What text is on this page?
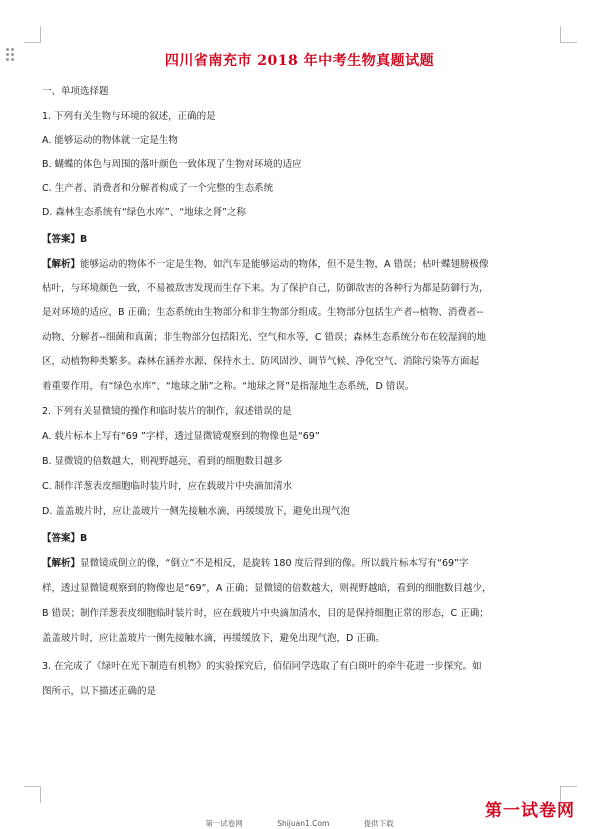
四川省南充市 2018 年中考生物真题试题
一、单项选择题
1. 下列有关生物与环境的叙述，正确的是
A. 能够运动的物体就一定是生物
B. 蝴蝶的体色与周围的落叶颜色一致体现了生物对环境的适应
C. 生产者、消费者和分解者构成了一个完整的生态系统
D. 森林生态系统有“绿色水库”、“地球之肾”之称
【答案】B
【解析】能够运动的物体不一定是生物，如汽车是能够运动的物体，但不是生物，A 错误；枯叶蝶翅膀极像
枯叶，与环境颜色一致，不易被敌害发现而生存下来。为了保护自己，防御敌害的各种行为都是防御行为，
是对环境的适应，B 正确；生态系统由生物部分和非生物部分组成。生物部分包括生产者--植物、消费者--
动物、分解者--细菌和真菌；非生物部分包括阳光、空气和水等，C 错误；森林生态系统分布在较湿润的地
区，动植物种类繁多。森林在涵养水源、保持水土、防风固沙、调节气候、净化空气、消除污染等方面起
着重要作用，有“绿色水库”、“地球之肺”之称。“地球之肾”是指湿地生态系统，D 错误。
2. 下列有关显微镜的操作和临时装片的制作，叙述错误的是
A. 载片标本上写有“69 ”字样，透过显微镜观察到的物像也是“69”
B. 显微镜的倍数越大，则视野越亮，看到的细胞数目越多
C. 制作洋葱表皮细胞临时装片时，应在载玻片中央滴加清水
D. 盖盖玻片时，应让盖玻片一侧先接触水滴，再缓缓放下，避免出现气泡
【答案】B
【解析】显微镜成倒立的像，“倒立”不是相反，是旋转 180 度后得到的像。所以载片标本写有“69”字
样，透过显微镜观察到的物像也是“69”，A 正确；显微镜的倍数越大，则视野越暗，看到的细胞数目越少，
B 错误；制作洋葱表皮细胞临时装片时，应在载玻片中央滴加清水，目的是保持细胞正常的形态，C 正确；
盖盖玻片时，应让盖玻片一侧先接触水滴，再缓缓放下，避免出现气泡，D 正确。
3. 在完成了《绿叶在光下制造有机物》的实验探究后，佰佰同学选取了有白斑叶的牵牛花进一步探究。如
图所示，以下描述正确的是
第一试卷网
第一试卷网	Shijuan1.Com	提供下载
